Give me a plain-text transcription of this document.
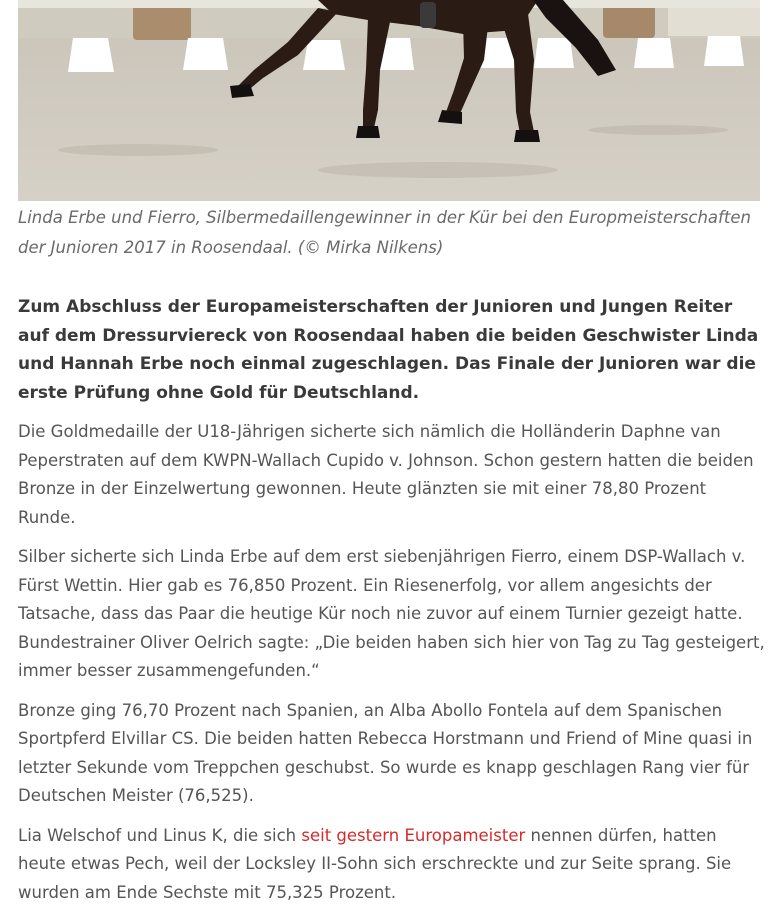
Linda Erbe und Fierro, Silbermedaillengewinner in der Kür bei den Europmeisterschaften der Junioren 2017 in Roosendaal. (© Mirka Nilkens)

Zum Abschluss der Europameisterschaften der Junioren und Jungen Reiter auf dem Dressurviereck von Roosendaal haben die beiden Geschwister Linda und Hannah Erbe noch einmal zugeschlagen. Das Finale der Junioren war die erste Prüfung ohne Gold für Deutschland.

Die Goldmedaille der U18-Jährigen sicherte sich nämlich die Holländerin Daphne van Peperstraten auf dem KWPN-Wallach Cupido v. Johnson. Schon gestern hatten die beiden Bronze in der Einzelwertung gewonnen. Heute glänzten sie mit einer 78,80 Prozent Runde.

Silber sicherte sich Linda Erbe auf dem erst siebenjährigen Fierro, einem DSP-Wallach v. Fürst Wettin. Hier gab es 76,850 Prozent. Ein Riesenerfolg, vor allem angesichts der Tatsache, dass das Paar die heutige Kür noch nie zuvor auf einem Turnier gezeigt hatte. Bundestrainer Oliver Oelrich sagte: „Die beiden haben sich hier von Tag zu Tag gesteigert, immer besser zusammengefunden.“

Bronze ging 76,70 Prozent nach Spanien, an Alba Abollo Fontela auf dem Spanischen Sportpferd Elvillar CS. Die beiden hatten Rebecca Horstmann und Friend of Mine quasi in letzter Sekunde vom Treppchen geschubst. So wurde es knapp geschlagen Rang vier für Deutschen Meister (76,525).

Lia Welschof und Linus K, die sich seit gestern Europameister nennen dürfen, hatten heute etwas Pech, weil der Locksley II-Sohn sich erschreckte und zur Seite sprang. Sie wurden am Ende Sechste mit 75,325 Prozent.
